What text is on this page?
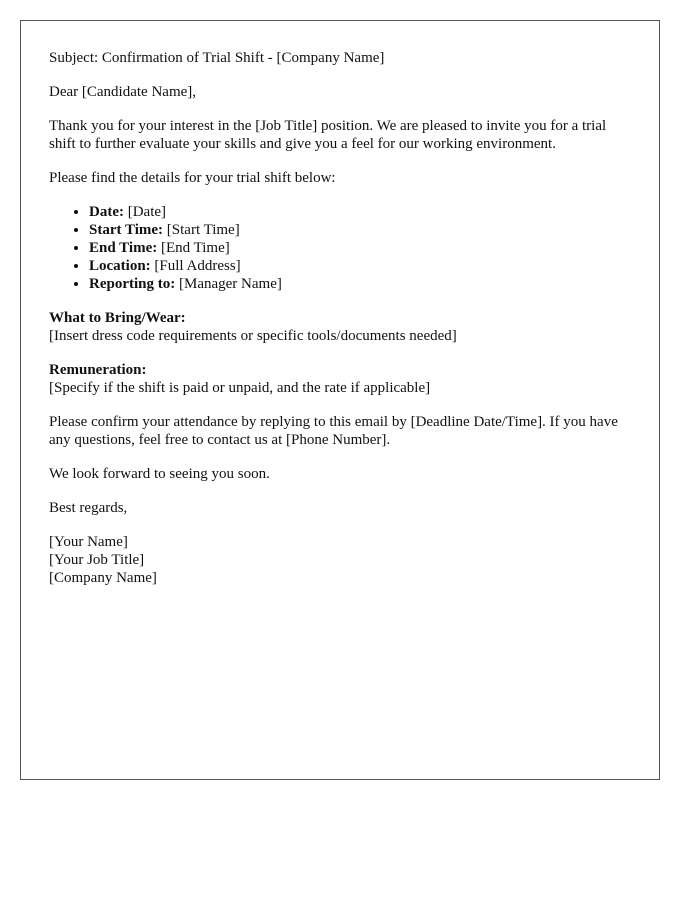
Subject: Confirmation of Trial Shift - [Company Name]

Dear [Candidate Name],

Thank you for your interest in the [Job Title] position. We are pleased to invite you for a trial shift to further evaluate your skills and give you a feel for our working environment.

Please find the details for your trial shift below:

• Date: [Date]
• Start Time: [Start Time]
• End Time: [End Time]
• Location: [Full Address]
• Reporting to: [Manager Name]
What to Bring/Wear:
[Insert dress code requirements or specific tools/documents needed]
Remuneration:
[Specify if the shift is paid or unpaid, and the rate if applicable]

Please confirm your attendance by replying to this email by [Deadline Date/Time]. If you have any questions, feel free to contact us at [Phone Number].

We look forward to seeing you soon.

Best regards,

[Your Name]
[Your Job Title]
[Company Name]
